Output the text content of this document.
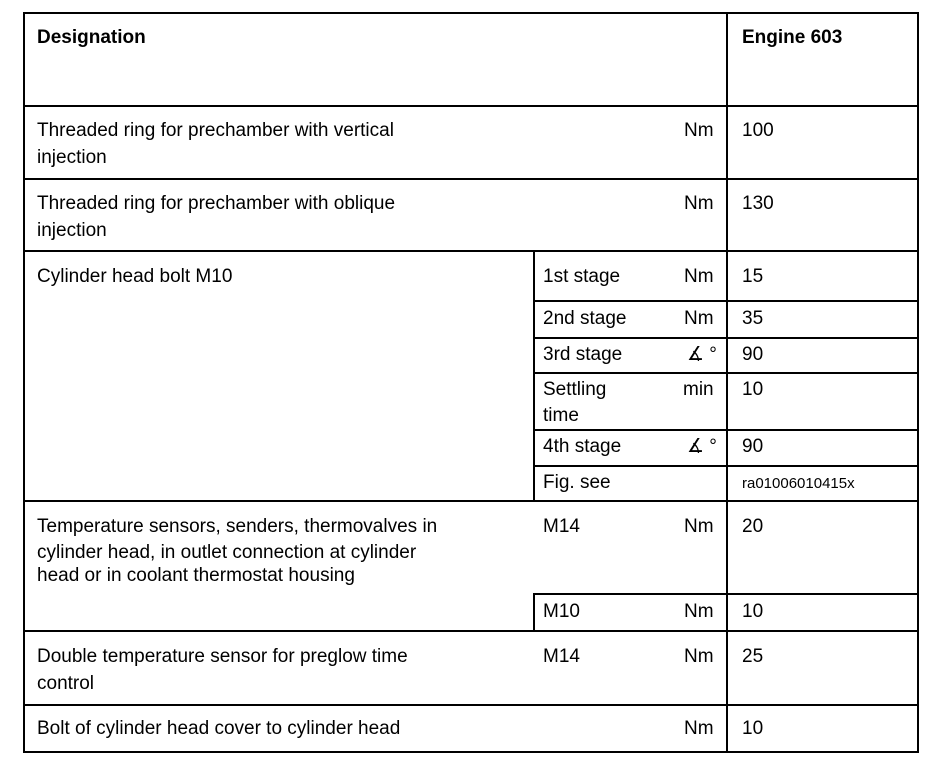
Designation	Engine 603
Threaded ring for prechamber with vertical
injection
Nm 100
Threaded ring for prechamber with oblique
injection
Nm 130
Cylinder head bolt M10	1st stage	Nm 15
2nd stage	Nm 35
3rd stage	∡ ° 90
Settling
time
min 10
4th stage	∡ ° 90
Fig. see	ra01006010415x
Temperature sensors, senders, thermovalves in
cylinder head, in outlet connection at cylinder
head or in coolant thermostat housing
M14	Nm 20
M10	Nm 10
Double temperature sensor for preglow time
control
M14	Nm 25
Bolt of cylinder head cover to cylinder head	Nm 10
